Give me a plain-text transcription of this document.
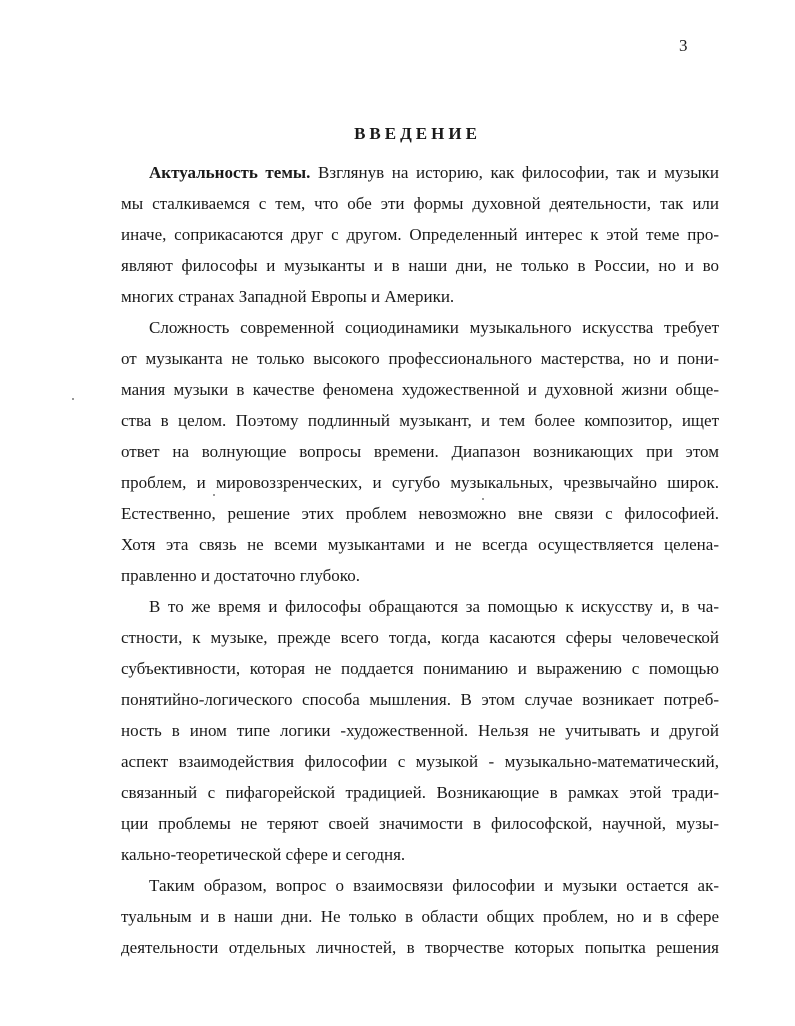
3
ВВЕДЕНИЕ
Актуальность темы. Взглянув на историю, как философии, так и музыки
мы сталкиваемся с тем, что обе эти формы духовной деятельности, так или
иначе, соприкасаются друг с другом. Определенный интерес к этой теме про-
являют философы и музыканты и в наши дни, не только в России, но и во
многих странах Западной Европы и Америки.
Сложность современной социодинамики музыкального искусства требует
от музыканта не только высокого профессионального мастерства, но и пони-
мания музыки в качестве феномена художественной и духовной жизни обще-
ства в целом. Поэтому подлинный музыкант, и тем более композитор, ищет
ответ на волнующие вопросы времени. Диапазон возникающих при этом
проблем, и мировоззренческих, и сугубо музыкальных, чрезвычайно широк.
Естественно, решение этих проблем невозможно вне связи с философией.
Хотя эта связь не всеми музыкантами и не всегда осуществляется целена-
правленно и достаточно глубоко.
В то же время и философы обращаются за помощью к искусству и, в ча-
стности, к музыке, прежде всего тогда, когда касаются сферы человеческой
субъективности, которая не поддается пониманию и выражению с помощью
понятийно-логического способа мышления. В этом случае возникает потреб-
ность в ином типе логики -художественной. Нельзя не учитывать и другой
аспект взаимодействия философии с музыкой - музыкально-математический,
связанный с пифагорейской традицией. Возникающие в рамках этой тради-
ции проблемы не теряют своей значимости в философской, научной, музы-
кально-теоретической сфере и сегодня.
Таким образом, вопрос о взаимосвязи философии и музыки остается ак-
туальным и в наши дни. Не только в области общих проблем, но и в сфере
деятельности отдельных личностей, в творчестве которых попытка решения
